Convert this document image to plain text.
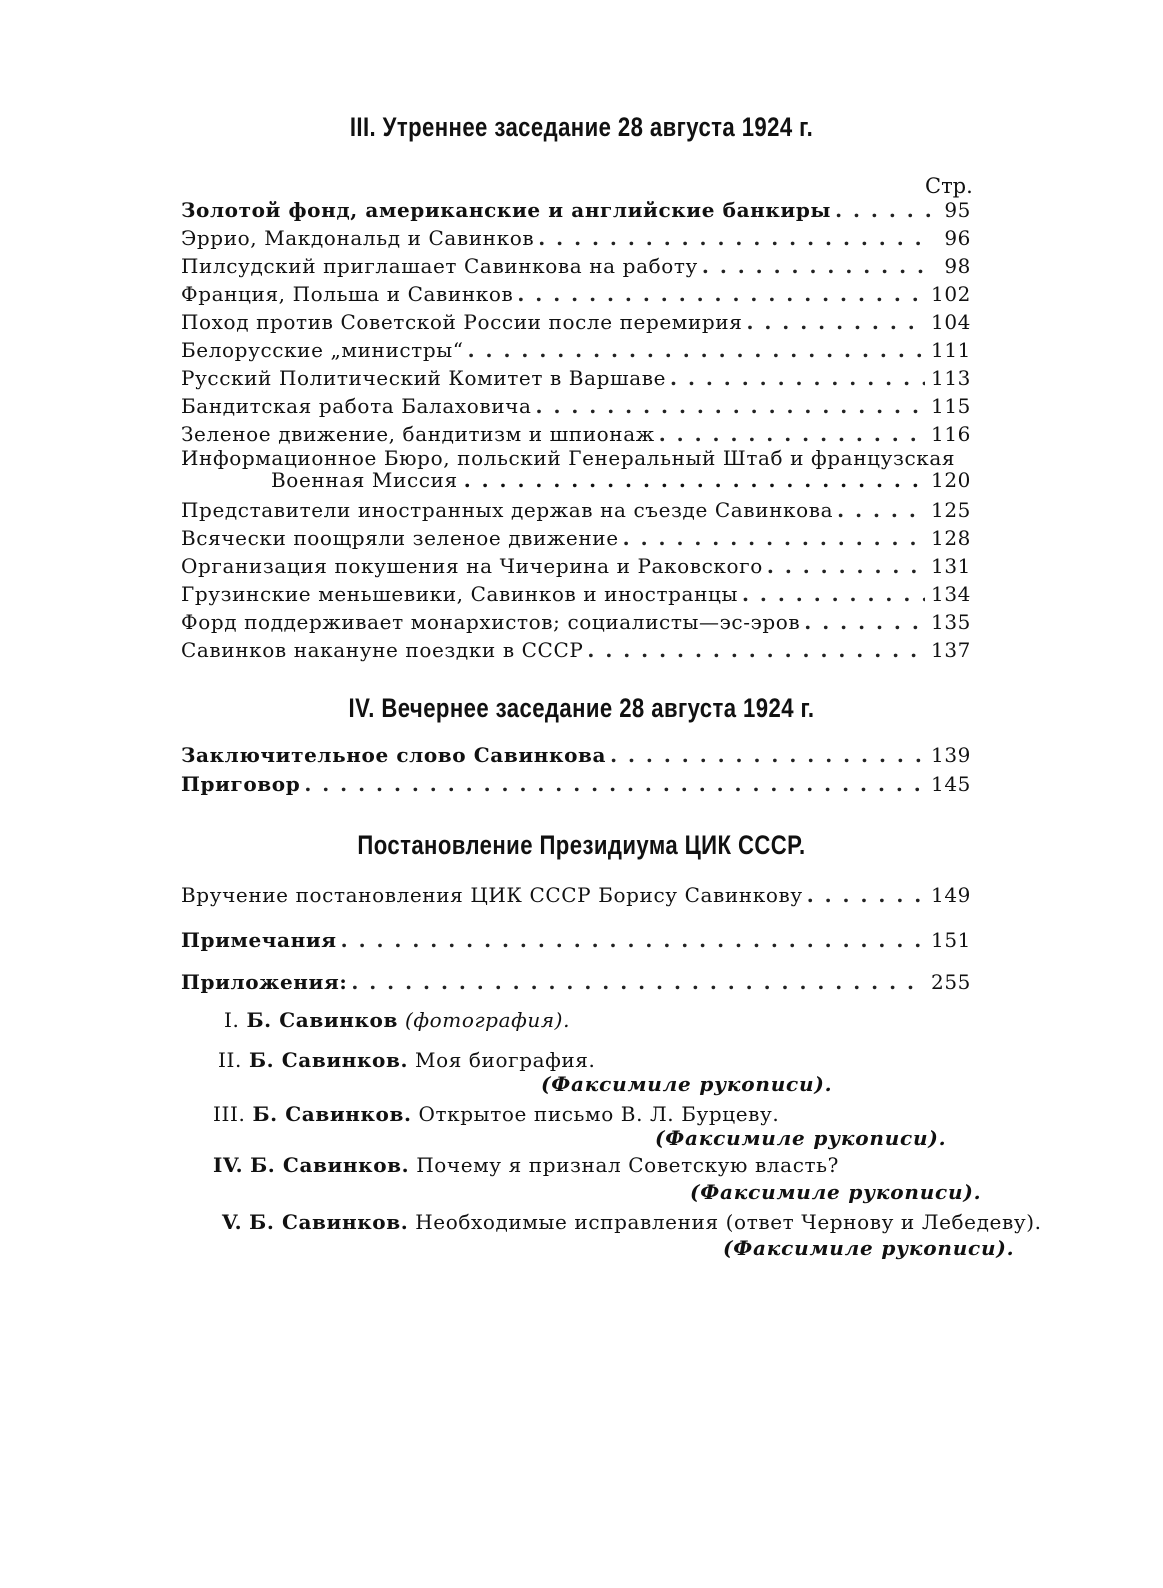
III. Утреннее заседание 28 августа 1924 г.
Стр.
Золотой фонд, американские и английские банкиры . . .	95
Эррио, Макдональд и Савинков . . .	96
Пилсудский приглашает Савинкова на работу . . .	98
Франция, Польша и Савинков . . .	102
Поход против Советской России после перемирия . . .	104
Белорусские „министры“ . . .	111
Русский Политический Комитет в Варшаве . . .	113
Бандитская работа Балаховича . . .	115
Зеленое движение, бандитизм и шпионаж . . .	116
Информационное Бюро, польский Генеральный Штаб и французская
Военная Миссия . . .	120
Представители иностранных держав на съезде Савинкова . . .	125
Всячески поощряли зеленое движение . . .	128
Организация покушения на Чичерина и Раковского . . .	131
Грузинские меньшевики, Савинков и иностранцы . . .	134
Форд поддерживает монархистов; социалисты—эс-эров . . .	135
Савинков накануне поездки в СССР . . .	137
IV. Вечернее заседание 28 августа 1924 г.
Заключительное слово Савинкова . . .	139
Приговор . . .	145
Постановление Президиума ЦИК СССР.
Вручение постановления ЦИК СССР Борису Савинкову . . .	149
Примечания . . .	151
Приложения: . . .	255
I. Б. Савинков (фотография).
II. Б. Савинков. Моя биография.
(Факсимиле рукописи).
III. Б. Савинков. Открытое письмо В. Л. Бурцеву.
(Факсимиле рукописи).
IV. Б. Савинков. Почему я признал Советскую власть?
(Факсимиле рукописи).
V. Б. Савинков. Необходимые исправления (ответ Чернову и Лебедеву).
(Факсимиле рукописи).
